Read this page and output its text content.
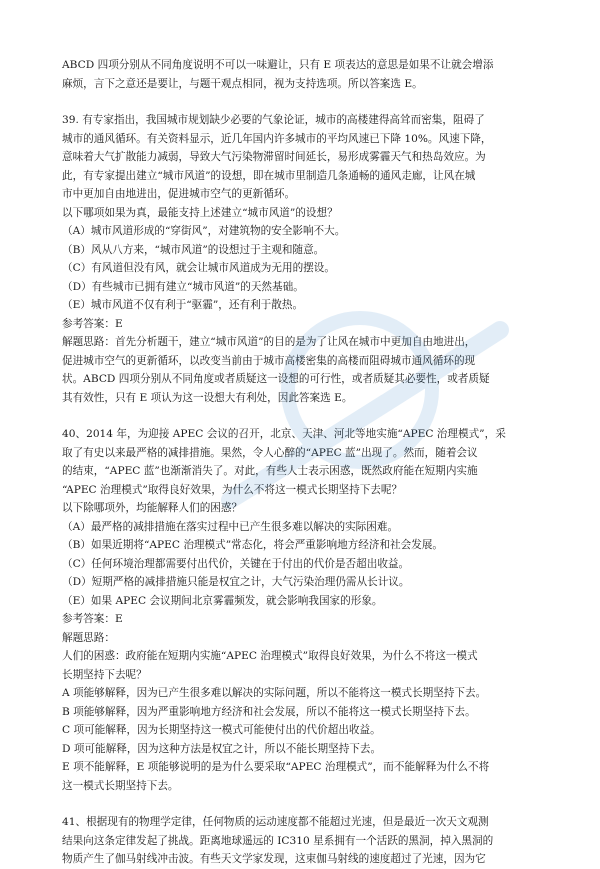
ABCD 四项分别从不同角度说明不可以一味避让，只有 E 项表达的意思是如果不让就会增添

麻烦，言下之意还是要让，与题干观点相同，视为支持选项。所以答案选 E。

39. 有专家指出，我国城市规划缺少必要的气象论证，城市的高楼建得高耸而密集，阻碍了

城市的通风循环。有关资料显示，近几年国内许多城市的平均风速已下降 10%。风速下降，

意味着大气扩散能力减弱，导致大气污染物滞留时间延长，易形成雾霾天气和热岛效应。为

此，有专家提出建立“城市风道”的设想，即在城市里制造几条通畅的通风走廊，让风在城

市中更加自由地进出，促进城市空气的更新循环。

以下哪项如果为真，最能支持上述建立“城市风道”的设想？

（A）城市风道形成的“穿街风”，对建筑物的安全影响不大。

（B）风从八方来，“城市风道”的设想过于主观和随意。

（C）有风道但没有风，就会让城市风道成为无用的摆设。

（D）有些城市已拥有建立“城市风道”的天然基础。

（E）城市风道不仅有利于“驱霾”，还有利于散热。

参考答案：E

解题思路：首先分析题干，建立“城市风道”的目的是为了让风在城市中更加自由地进出，

促进城市空气的更新循环，以改变当前由于城市高楼密集的高楼而阻碍城市通风循环的现

状。ABCD 四项分别从不同角度或者质疑这一设想的可行性，或者质疑其必要性，或者质疑

其有效性，只有 E 项认为这一设想大有利处，因此答案选 E。

40、2014 年，为迎接 APEC 会议的召开，北京、天津、河北等地实施“APEC 治理模式”，采

取了有史以来最严格的减排措施。果然，令人心醉的“APEC 蓝”出现了。然而，随着会议

的结束，“APEC 蓝”也渐渐消失了。对此，有些人士表示困惑，既然政府能在短期内实施

“APEC 治理模式”取得良好效果，为什么不将这一模式长期坚持下去呢？

以下除哪项外，均能解释人们的困惑？

（A）最严格的减排措施在落实过程中已产生很多难以解决的实际困难。

（B）如果近期将“APEC 治理模式”常态化，将会严重影响地方经济和社会发展。

（C）任何环境治理都需要付出代价，关键在于付出的代价是否超出收益。

（D）短期严格的减排措施只能是权宜之计，大气污染治理仍需从长计议。

（E）如果 APEC 会议期间北京雾霾频发，就会影响我国家的形象。

参考答案：E

解题思路：

人们的困惑：政府能在短期内实施“APEC 治理模式”取得良好效果，为什么不将这一模式

长期坚持下去呢？

A 项能够解释，因为已产生很多难以解决的实际问题，所以不能将这一模式长期坚持下去。

B 项能够解释，因为严重影响地方经济和社会发展，所以不能将这一模式长期坚持下去。

C 项可能解释，因为长期坚持这一模式可能使付出的代价超出收益。

D 项可能解释，因为这种方法是权宜之计，所以不能长期坚持下去。

E 项不能解释，E 项能够说明的是为什么要采取“APEC 治理模式”，而不能解释为什么不将

这一模式长期坚持下去。

41、根据现有的物理学定律，任何物质的运动速度都不能超过光速，但是最近一次天文观测

结果向这条定律发起了挑战。距离地球遥远的 IC310 星系拥有一个活跃的黑洞，掉入黑洞的

物质产生了伽马射线冲击波。有些天文学家发现，这束伽马射线的速度超过了光速，因为它
